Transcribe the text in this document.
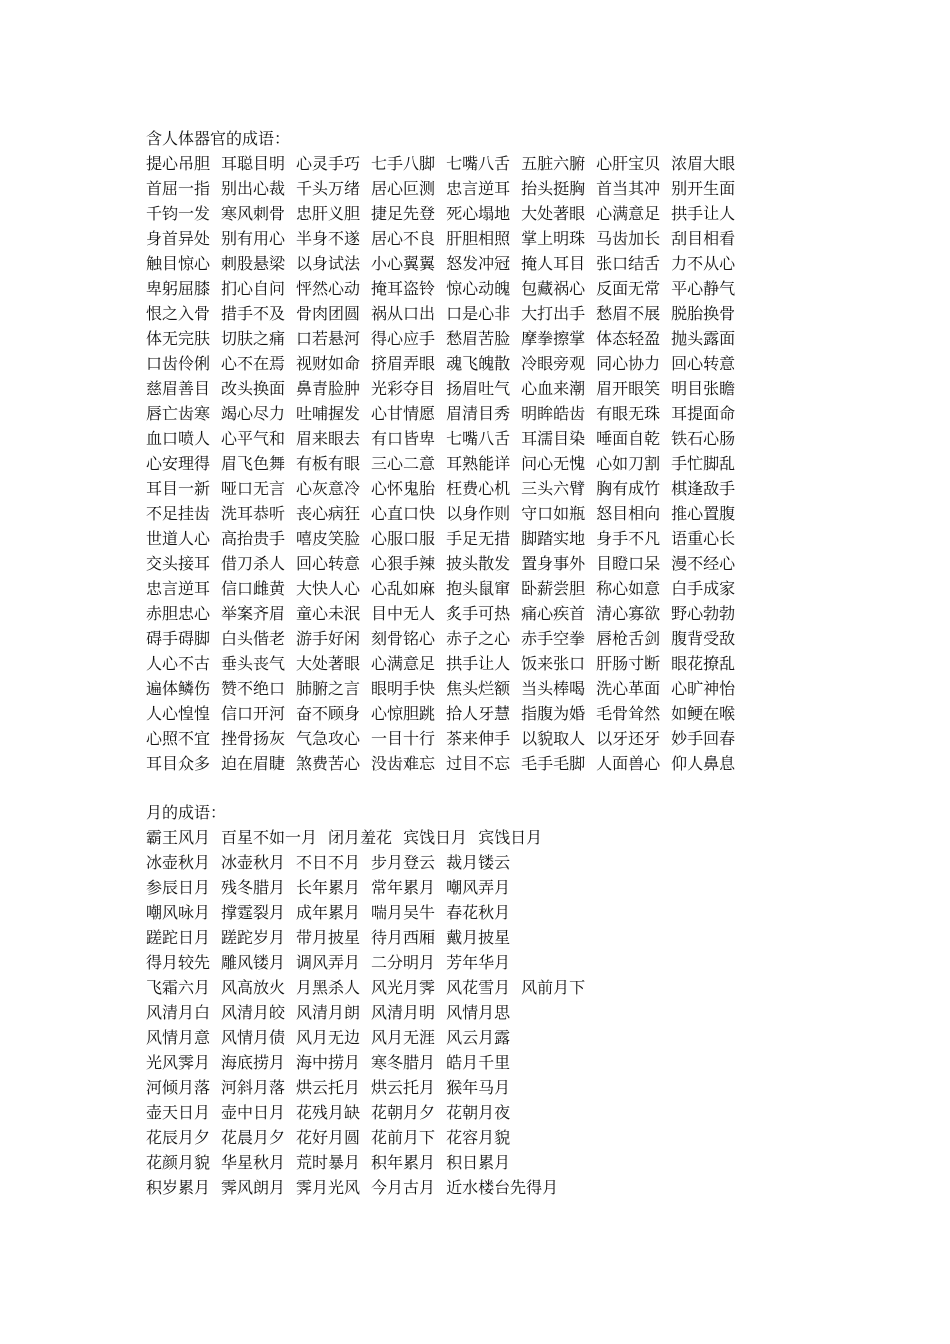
含人体器官的成语：
提心吊胆 耳聪目明 心灵手巧 七手八脚 七嘴八舌 五脏六腑 心肝宝贝 浓眉大眼
首屈一指 别出心裁 千头万绪 居心叵测 忠言逆耳 抬头挺胸 首当其冲 别开生面
千钧一发 寒风刺骨 忠肝义胆 捷足先登 死心塌地 大处著眼 心满意足 拱手让人
身首异处 别有用心 半身不遂 居心不良 肝胆相照 掌上明珠 马齿加长 刮目相看
触目惊心 刺股悬梁 以身试法 小心翼翼 怒发冲冠 掩人耳目 张口结舌 力不从心
卑躬屈膝 扪心自问 怦然心动 掩耳盗铃 惊心动魄 包藏祸心 反面无常 平心静气
恨之入骨 措手不及 骨肉团圆 祸从口出 口是心非 大打出手 愁眉不展 脱胎换骨
体无完肤 切肤之痛 口若悬河 得心应手 愁眉苦脸 摩拳擦掌 体态轻盈 抛头露面
口齿伶俐 心不在焉 视财如命 挤眉弄眼 魂飞魄散 冷眼旁观 同心协力 回心转意
慈眉善目 改头换面 鼻青脸肿 光彩夺目 扬眉吐气 心血来潮 眉开眼笑 明目张瞻
唇亡齿寒 竭心尽力 吐哺握发 心甘情愿 眉清目秀 明眸皓齿 有眼无珠 耳提面命
血口喷人 心平气和 眉来眼去 有口皆卑 七嘴八舌 耳濡目染 唾面自乾 铁石心肠
心安理得 眉飞色舞 有板有眼 三心二意 耳熟能详 问心无愧 心如刀割 手忙脚乱
耳目一新 哑口无言 心灰意冷 心怀鬼胎 枉费心机 三头六臂 胸有成竹 棋逢敌手
不足挂齿 洗耳恭听 丧心病狂 心直口快 以身作则 守口如瓶 怒目相向 推心置腹
世道人心 高抬贵手 嘻皮笑脸 心服口服 手足无措 脚踏实地 身手不凡 语重心长
交头接耳 借刀杀人 回心转意 心狠手辣 披头散发 置身事外 目瞪口呆 漫不经心
忠言逆耳 信口雌黄 大快人心 心乱如麻 抱头鼠窜 卧薪尝胆 称心如意 白手成家
赤胆忠心 举案齐眉 童心未泯 目中无人 炙手可热 痛心疾首 清心寡欲 野心勃勃
碍手碍脚 白头偕老 游手好闲 刻骨铭心 赤子之心 赤手空拳 唇枪舌剑 腹背受敌
人心不古 垂头丧气 大处著眼 心满意足 拱手让人 饭来张口 肝肠寸断 眼花撩乱
遍体鳞伤 赞不绝口 肺腑之言 眼明手快 焦头烂额 当头棒喝 洗心革面 心旷神怡
人心惶惶 信口开河 奋不顾身 心惊胆跳 拾人牙慧 指腹为婚 毛骨耸然 如鲠在喉
心照不宜 挫骨扬灰 气急攻心 一目十行 茶来伸手 以貌取人 以牙还牙 妙手回春
耳目众多 迫在眉睫 煞费苦心 没齿难忘 过目不忘 毛手毛脚 人面兽心 仰人鼻息
月的成语：
霸王风月 百星不如一月 闭月羞花 宾饯日月 宾饯日月
冰壶秋月 冰壶秋月 不日不月 步月登云 裁月镂云
参辰日月 残冬腊月 长年累月 常年累月 嘲风弄月
嘲风咏月 撑霆裂月 成年累月 喘月吴牛 春花秋月
蹉跎日月 蹉跎岁月 带月披星 待月西厢 戴月披星
得月较先 雕风镂月 调风弄月 二分明月 芳年华月
飞霜六月 风高放火 月黑杀人 风光月霁 风花雪月 风前月下
风清月白 风清月皎 风清月朗 风清月明 风情月思
风情月意 风情月债 风月无边 风月无涯 风云月露
光风霁月 海底捞月 海中捞月 寒冬腊月 皓月千里
河倾月落 河斜月落 烘云托月 烘云托月 猴年马月
壶天日月 壶中日月 花残月缺 花朝月夕 花朝月夜
花辰月夕 花晨月夕 花好月圆 花前月下 花容月貌
花颜月貌 华星秋月 荒时暴月 积年累月 积日累月
积岁累月 霁风朗月 霁月光风 今月古月 近水楼台先得月
